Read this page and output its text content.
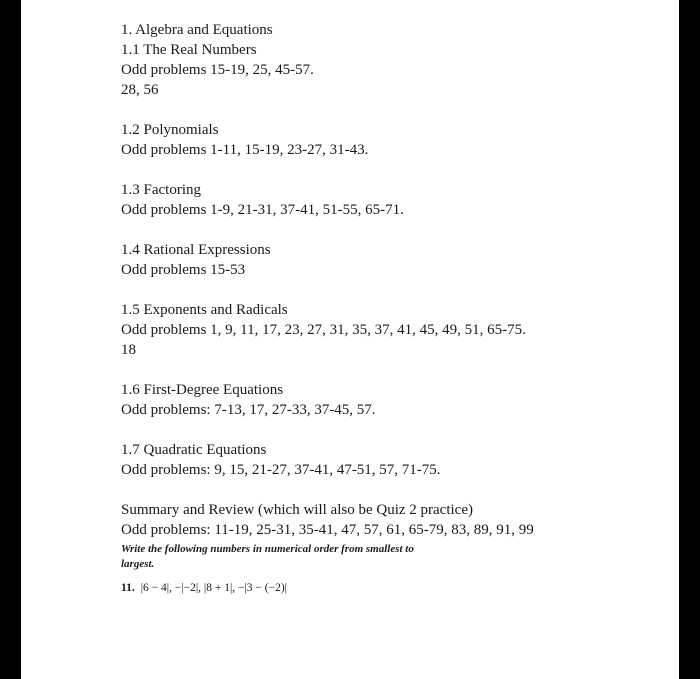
1. Algebra and Equations
1.1 The Real Numbers
Odd problems 15-19, 25, 45-57.
28, 56
1.2 Polynomials
Odd problems 1-11, 15-19, 23-27, 31-43.
1.3 Factoring
Odd problems 1-9, 21-31, 37-41, 51-55, 65-71.
1.4 Rational Expressions
Odd problems 15-53
1.5 Exponents and Radicals
Odd problems 1, 9, 11, 17, 23, 27, 31, 35, 37, 41, 45, 49, 51, 65-75.
18
1.6 First-Degree Equations
Odd problems: 7-13, 17, 27-33, 37-45, 57.
1.7 Quadratic Equations
Odd problems: 9, 15, 21-27, 37-41, 47-51, 57, 71-75.
Summary and Review (which will also be Quiz 2 practice)
Odd problems: 11-19, 25-31, 35-41, 47, 57, 61, 65-79, 83, 89, 91, 99
Write the following numbers in numerical order from smallest to
largest.
11. |6 − 4|, −|−2|, |8 + 1|, −|3 − (−2)|
